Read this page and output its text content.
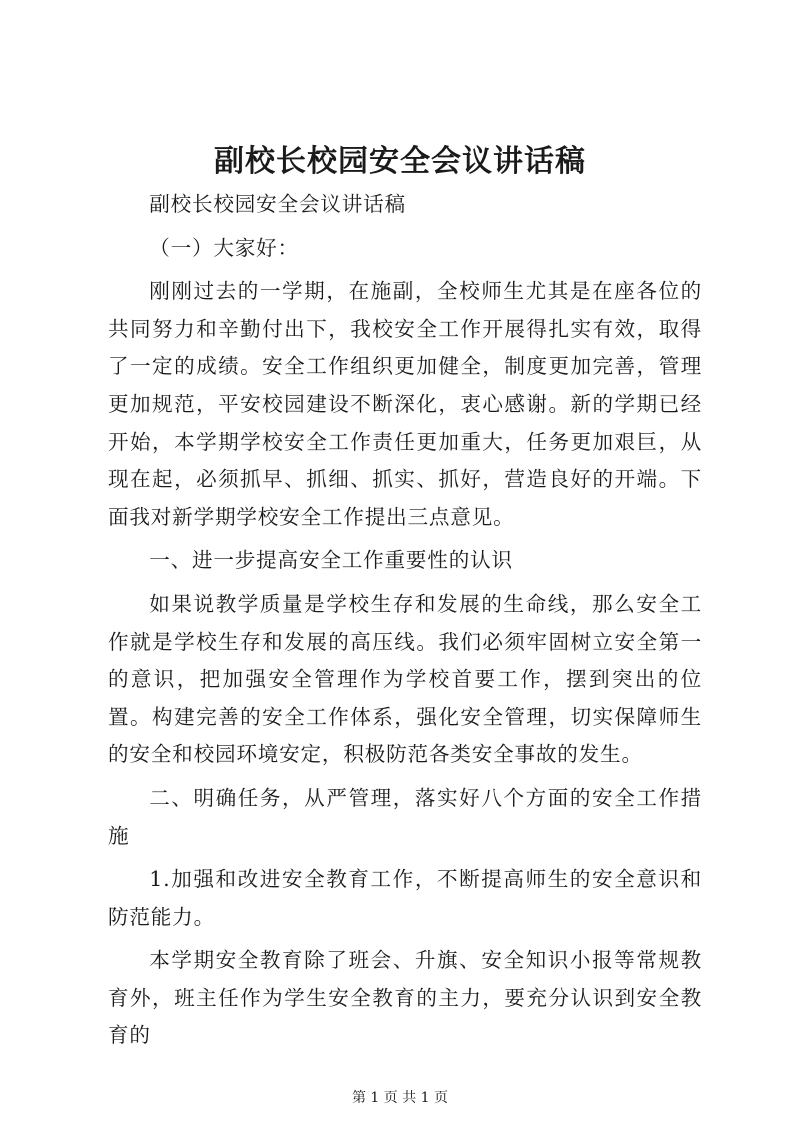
副校长校园安全会议讲话稿

副校长校园安全会议讲话稿

（一）大家好：

刚刚过去的一学期，在施副，全校师生尤其是在座各位的共同努力和辛勤付出下，我校安全工作开展得扎实有效，取得了一定的成绩。安全工作组织更加健全，制度更加完善，管理更加规范，平安校园建设不断深化，衷心感谢。新的学期已经开始，本学期学校安全工作责任更加重大，任务更加艰巨，从现在起，必须抓早、抓细、抓实、抓好，营造良好的开端。下面我对新学期学校安全工作提出三点意见。

一、进一步提高安全工作重要性的认识

如果说教学质量是学校生存和发展的生命线，那么安全工作就是学校生存和发展的高压线。我们必须牢固树立安全第一的意识，把加强安全管理作为学校首要工作，摆到突出的位置。构建完善的安全工作体系，强化安全管理，切实保障师生的安全和校园环境安定，积极防范各类安全事故的发生。

二、明确任务，从严管理，落实好八个方面的安全工作措施

1.加强和改进安全教育工作，不断提高师生的安全意识和防范能力。

本学期安全教育除了班会、升旗、安全知识小报等常规教育外，班主任作为学生安全教育的主力，要充分认识到安全教育的

第 1 页 共 1 页
